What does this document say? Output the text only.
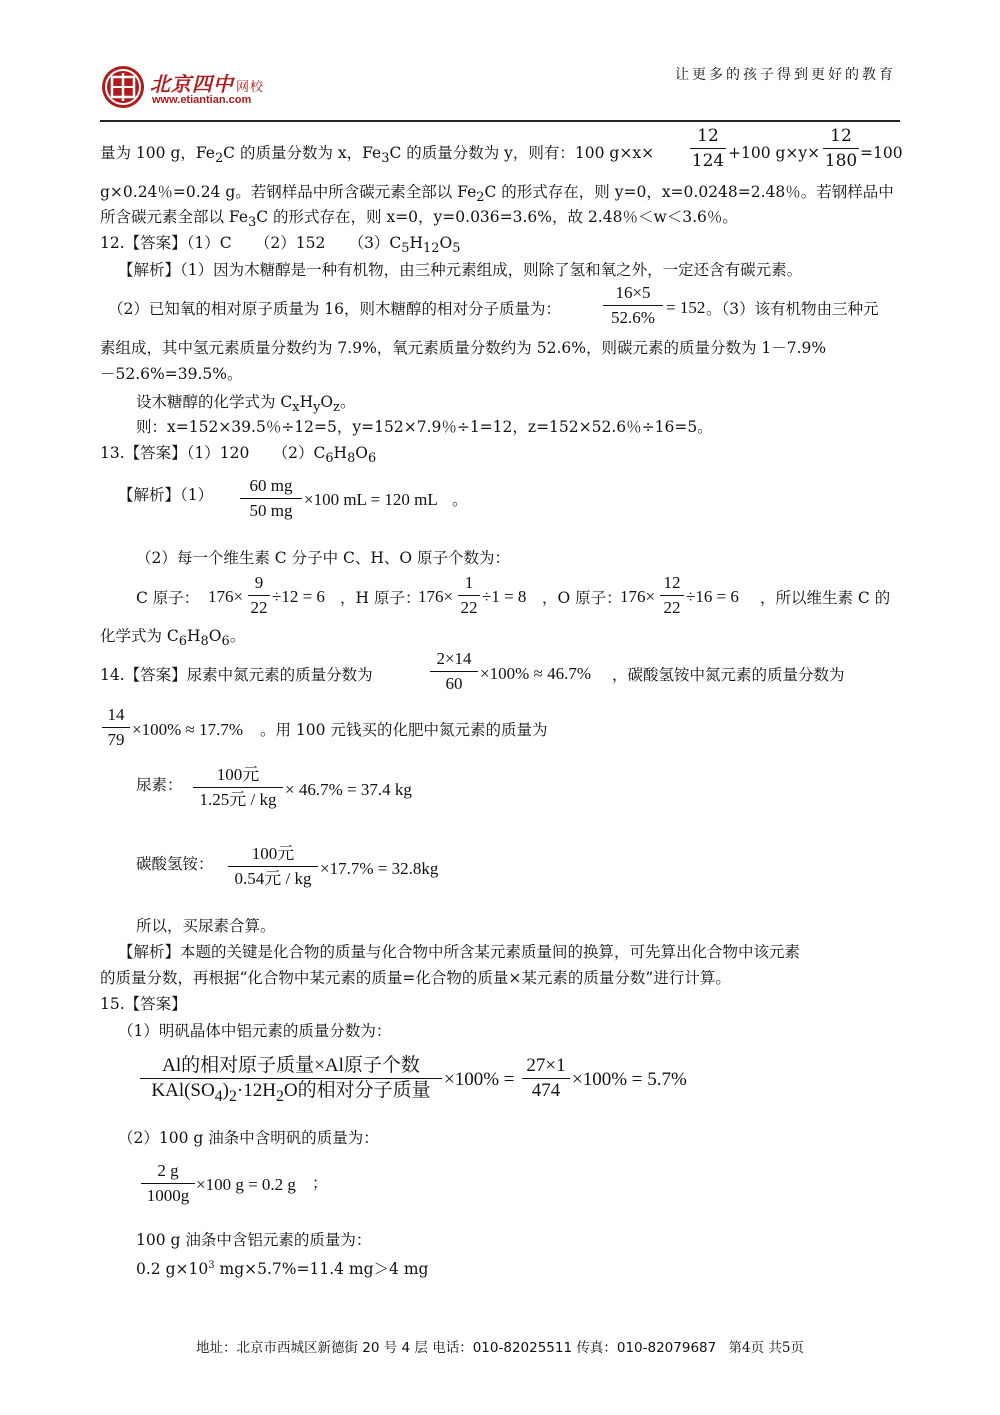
北京四中 网校
www.etiantian.com
让更多的孩子得到更好的教育
量为 100 g，$Fe_2C$ 的质量分数为 x，$Fe_3C$ 的质量分数为 y，则有：100 g×x×
12
124 +100 g×y×
12
180 =100
g×0.24％=0.24 g。若钢样品中所含碳元素全部以 $Fe_2C$ 的形式存在，则 y=0，x=0.0248=2.48％。若钢样品中
所含碳元素全部以 $Fe_3C$ 的形式存在，则 x=0，y=0.036=3.6%，故 2.48％＜w＜3.6％。
12.【答案】（1）C　　（2）152　　$(3)C_5H_{12}O_5$
【解析】（1）因为木糖醇是一种有机物，由三种元素组成，则除了氢和氧之外，一定还含有碳元素。
（2）已知氧的相对原子质量为 16，则木糖醇的相对分子质量为：
16×5
52.6%
= 152 。（3）该有机物由三种元
素组成，其中氢元素质量分数约为 7.9%，氧元素质量分数约为 52.6%，则碳元素的质量分数为 1－7.9%
－52.6%=39.5%。
设木糖醇的化学式为 $C_xH_yO_z$。
则：x=152×39.5％÷12=5，y=152×7.9％÷1=12，z=152×52.6％÷16=5。
13.【答案】（1）120　　$(2)C_6H_8O_6$
【解析】（1）	60 mg
50 mg
×100 mL = 120 mL 。
（2）每一个维生素 C 分子中 C、H、O 原子个数为：
C 原子： 176×
9
22
÷12 = 6 ，H 原子：
176×
1
22
÷1 = 8 ，O 原子：
176×
12
22
÷16 = 6 ，所以维生素 C 的
化学式为 $C_6H_8O_6$。
14.【答案】尿素中氮元素的质量分数为
2×14
60
×100% ≈ 46.7% ，碳酸氢铵中氮元素的质量分数为
14
79
×100% ≈ 17.7% 。用 100 元钱买的化肥中氮元素的质量为
尿素：
100元
1.25元 / kg
× 46.7% = 37.4 kg
碳酸氢铵：
100元
0.54元 / kg
×17.7% = 32.8kg
所以，买尿素合算。
【解析】本题的关键是化合物的质量与化合物中所含某元素质量间的换算，可先算出化合物中该元素
的质量分数，再根据“化合物中某元素的质量=化合物的质量×某元素的质量分数”进行计算。
15.【答案】
（1）明矾晶体中铝元素的质量分数为：
Al的相对原子质量×Al原子个数
$KAl(SO_4)_2\cdot 12H_2O$的相对分子质量
×100% =
27×1
474
×100% = 5.7%
（2）100 g 油条中含明矾的质量为：
2 g
1000g
×100 g = 0.2 g ；
100 g 油条中含铝元素的质量为：
0.2 $g\times 10^3$ mg×5.7%=11.4 mg＞4 mg
地址：北京市西城区新德街 20 号 4 层 电话：010-82025511 传真：010-82079687 第4页 共5页
